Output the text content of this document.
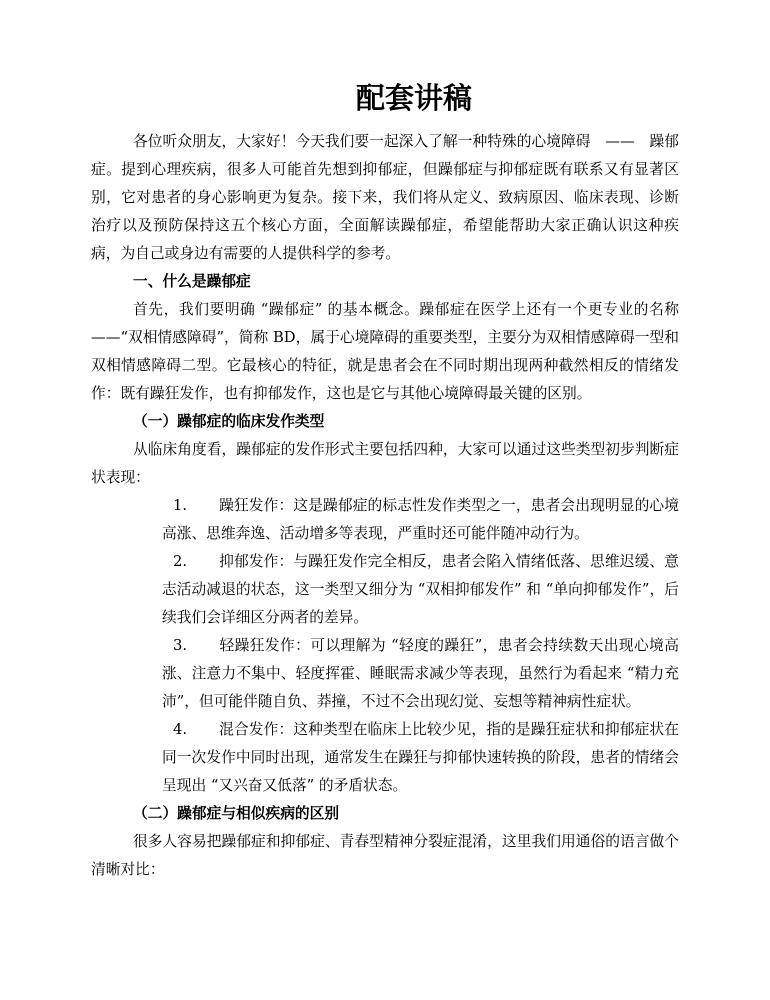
配套讲稿

各位听众朋友，大家好！今天我们要一起深入了解一种特殊的心境障碍　——　躁郁症。提到心理疾病，很多人可能首先想到抑郁症，但躁郁症与抑郁症既有联系又有显著区别，它对患者的身心影响更为复杂。接下来，我们将从定义、致病原因、临床表现、诊断治疗以及预防保持这五个核心方面，全面解读躁郁症，希望能帮助大家正确认识这种疾病，为自己或身边有需要的人提供科学的参考。

一、什么是躁郁症

首先，我们要明确 “躁郁症” 的基本概念。躁郁症在医学上还有一个更专业的名称——“双相情感障碍”，简称 BD，属于心境障碍的重要类型，主要分为双相情感障碍一型和双相情感障碍二型。它最核心的特征，就是患者会在不同时期出现两种截然相反的情绪发作：既有躁狂发作，也有抑郁发作，这也是它与其他心境障碍最关键的区别。

（一）躁郁症的临床发作类型

从临床角度看，躁郁症的发作形式主要包括四种，大家可以通过这些类型初步判断症状表现：

1. 躁狂发作：这是躁郁症的标志性发作类型之一，患者会出现明显的心境高涨、思维奔逸、活动增多等表现，严重时还可能伴随冲动行为。
2. 抑郁发作：与躁狂发作完全相反，患者会陷入情绪低落、思维迟缓、意志活动减退的状态，这一类型又细分为 “双相抑郁发作” 和 “单向抑郁发作”，后续我们会详细区分两者的差异。
3. 轻躁狂发作：可以理解为 “轻度的躁狂”，患者会持续数天出现心境高涨、注意力不集中、轻度挥霍、睡眠需求减少等表现，虽然行为看起来 “精力充沛”，但可能伴随自负、莽撞，不过不会出现幻觉、妄想等精神病性症状。
4. 混合发作：这种类型在临床上比较少见，指的是躁狂症状和抑郁症状在同一次发作中同时出现，通常发生在躁狂与抑郁快速转换的阶段，患者的情绪会呈现出 “又兴奋又低落” 的矛盾状态。
（二）躁郁症与相似疾病的区别

很多人容易把躁郁症和抑郁症、青春型精神分裂症混淆，这里我们用通俗的语言做个清晰对比：
